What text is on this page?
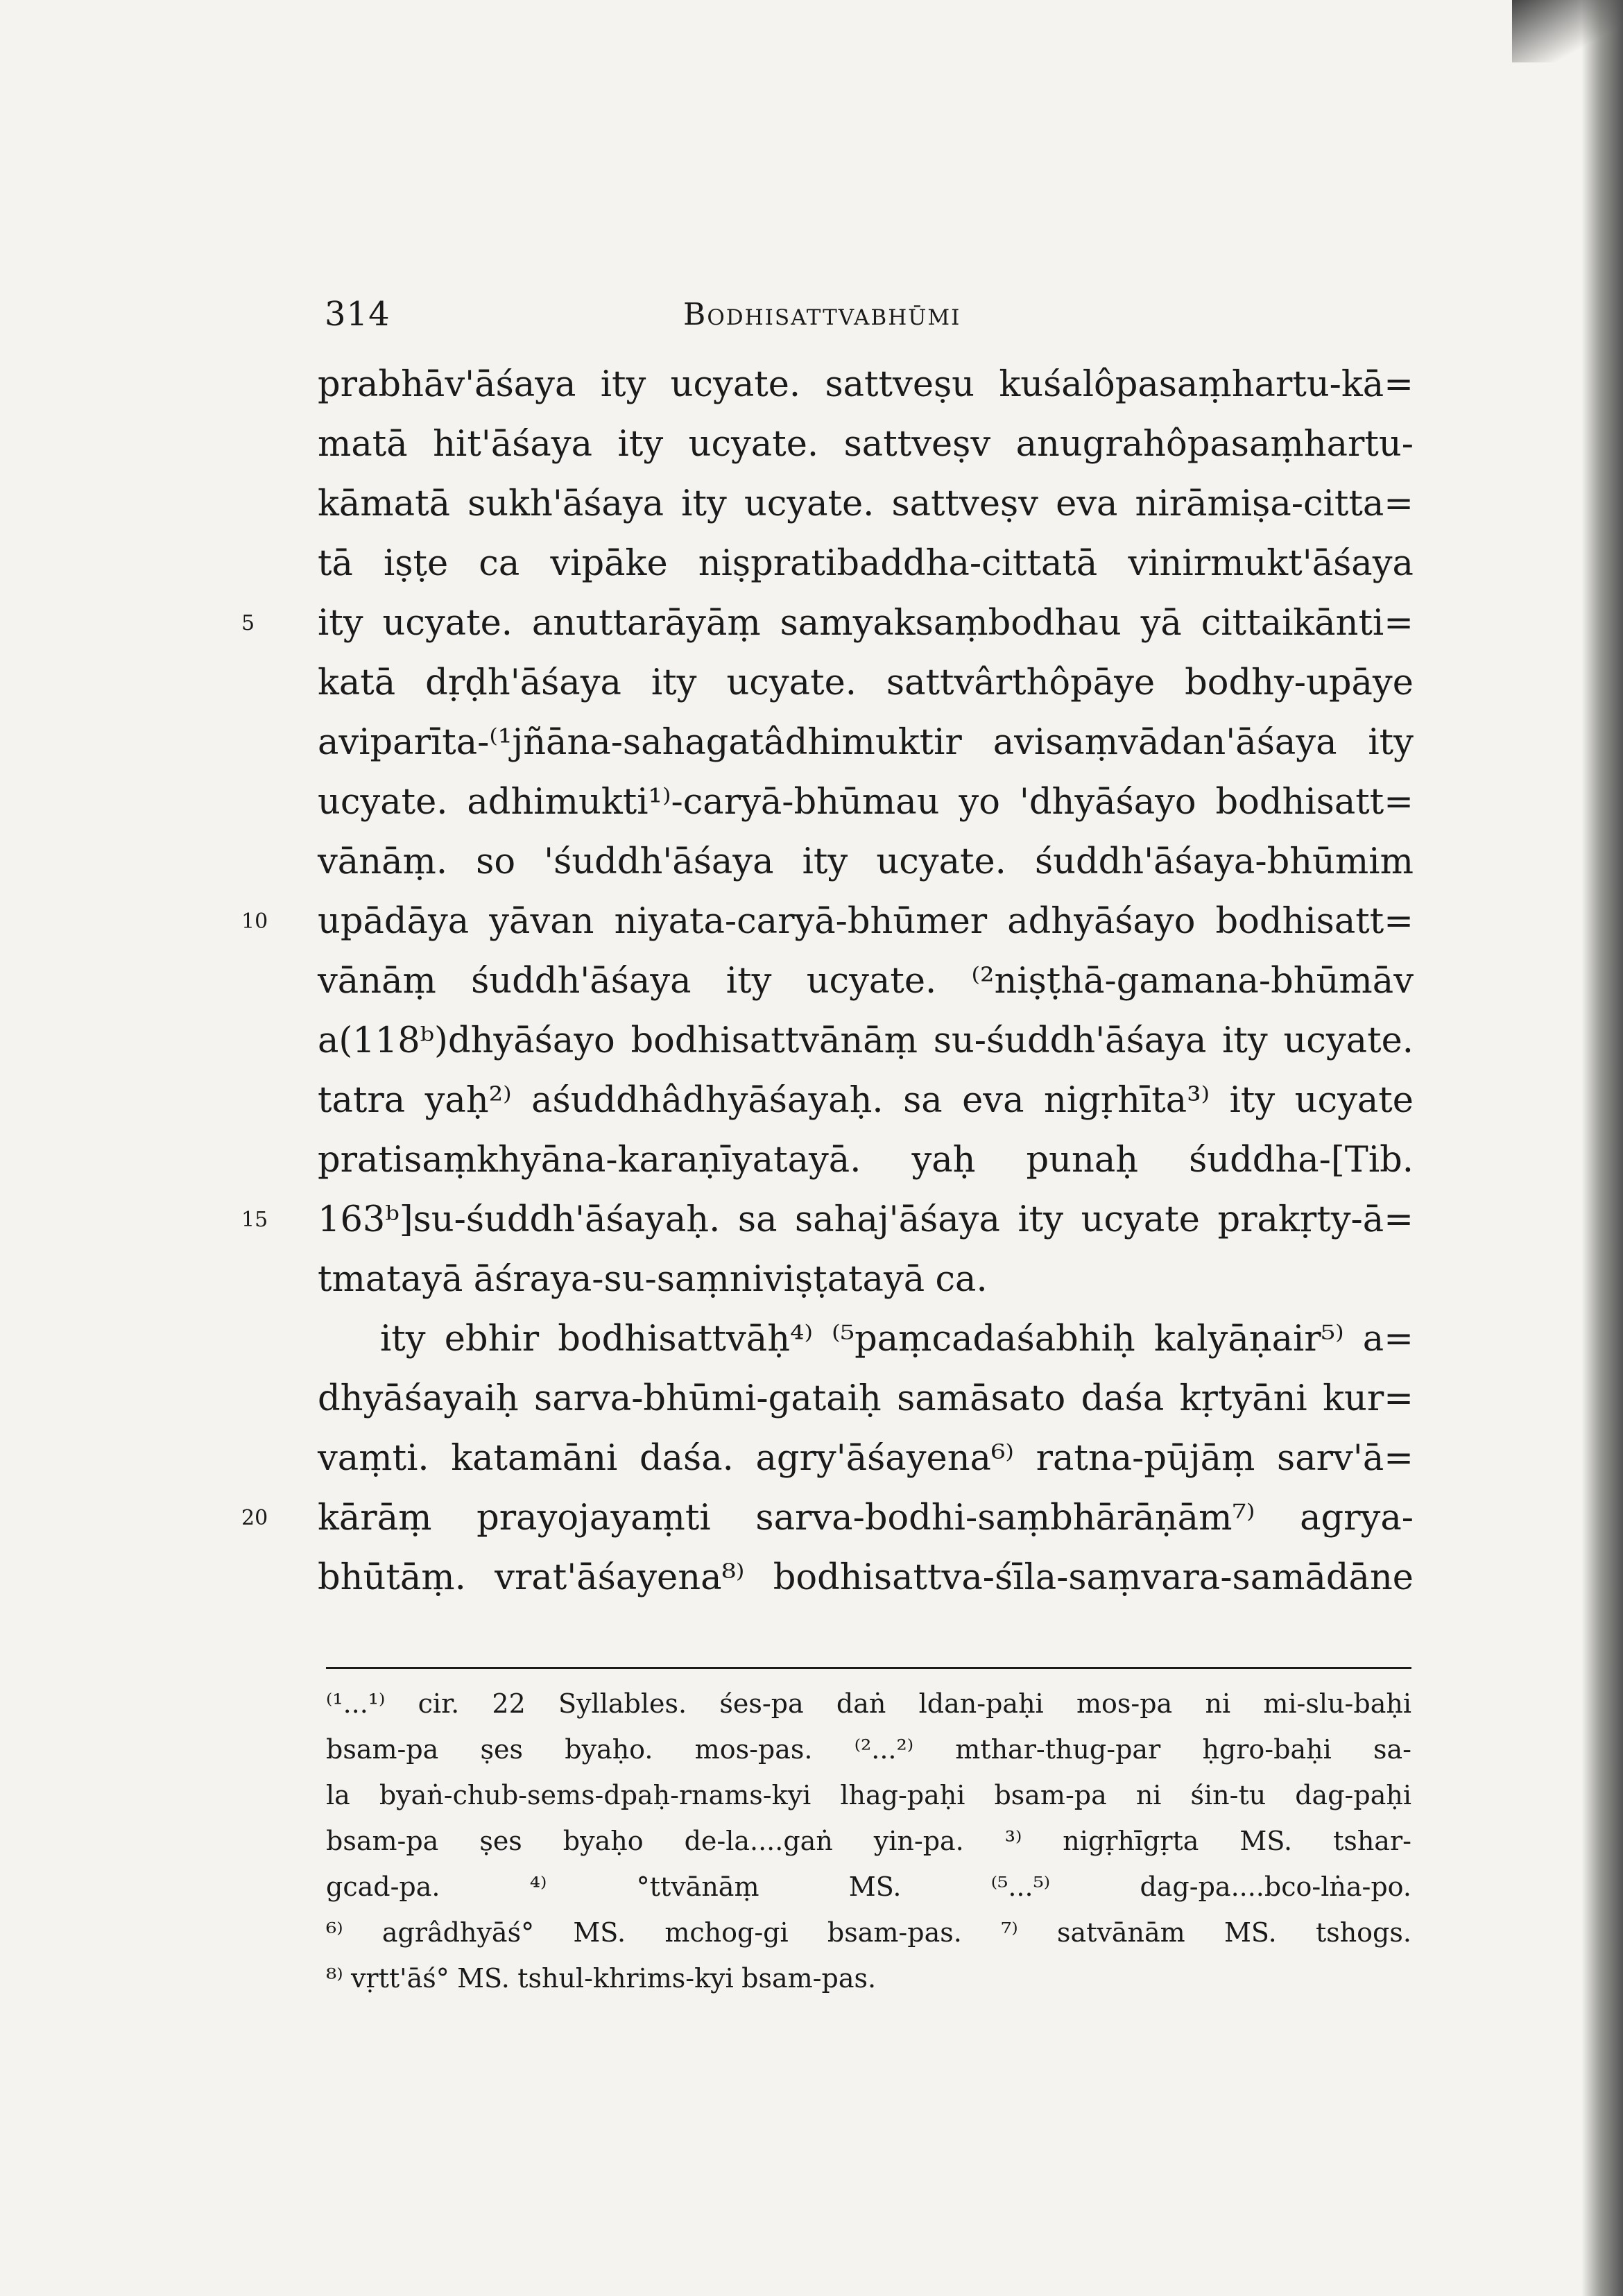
314	Bodhisattvabhūmi
prabhāv'āśaya ity ucyate. sattveṣu kuśalôpasaṃhartu-kā=
matā hit'āśaya ity ucyate. sattveṣv anugrahôpasaṃhartu-
kāmatā sukh'āśaya ity ucyate. sattveṣv eva nirāmiṣa-citta=
tā iṣṭe ca vipāke niṣpratibaddha-cittatā vinirmukt'āśaya
ity ucyate. anuttarāyāṃ samyaksaṃbodhau yā cittaikānti=
katā dṛḍh'āśaya ity ucyate. sattvârthôpāye bodhy-upāye
aviparīta-⁽¹jñāna-sahagatâdhimuktir avisaṃvādan'āśaya ity
ucyate. adhimukti¹⁾-caryā-bhūmau yo 'dhyāśayo bodhisatt=
vānāṃ. so 'śuddh'āśaya ity ucyate. śuddh'āśaya-bhūmim
upādāya yāvan niyata-caryā-bhūmer adhyāśayo bodhisatt=
vānāṃ śuddh'āśaya ity ucyate. ⁽²niṣṭhā-gamana-bhūmāv
a(118ᵇ)dhyāśayo bodhisattvānāṃ su-śuddh'āśaya ity ucyate.
tatra yaḥ²⁾ aśuddhâdhyāśayaḥ. sa eva nigṛhīta³⁾ ity ucyate
pratisaṃkhyāna-karaṇīyatayā. yaḥ punaḥ śuddha-[Tib.
163ᵇ]su-śuddh'āśayaḥ. sa sahaj'āśaya ity ucyate prakṛty-ā=
tmatayā āśraya-su-saṃniviṣṭatayā ca.
ity ebhir bodhisattvāḥ⁴⁾ ⁽⁵paṃcadaśabhiḥ kalyāṇair⁵⁾ a=
dhyāśayaiḥ sarva-bhūmi-gataiḥ samāsato daśa kṛtyāni kur=
vaṃti. katamāni daśa. agry'āśayena⁶⁾ ratna-pūjāṃ sarv'ā=
kārāṃ prayojayaṃti sarva-bodhi-saṃbhārāṇām⁷⁾ agrya-
bhūtāṃ. vrat'āśayena⁸⁾ bodhisattva-śīla-saṃvara-samādāne
5
10
15
20
⁽¹...¹⁾ cir. 22 Syllables. śes-pa daṅ ldan-paḥi mos-pa ni mi-slu-baḥi
bsam-pa ṣes byaḥo. mos-pas. ⁽²...²⁾ mthar-thug-par ḥgro-baḥi sa-
la byaṅ-chub-sems-dpaḥ-rnams-kyi lhag-paḥi bsam-pa ni śin-tu dag-paḥi
bsam-pa ṣes byaḥo de-la....gaṅ yin-pa. ³⁾ nigṛhīgṛta MS. tshar-
gcad-pa.	⁴⁾	°ttvānāṃ	MS.	⁽⁵...⁵⁾	dag-pa....bco-lṅa-po.
⁶⁾ agrâdhyāś° MS. mchog-gi bsam-pas. ⁷⁾ satvānām MS. tshogs.
⁸⁾ vṛtt'āś° MS. tshul-khrims-kyi bsam-pas.
